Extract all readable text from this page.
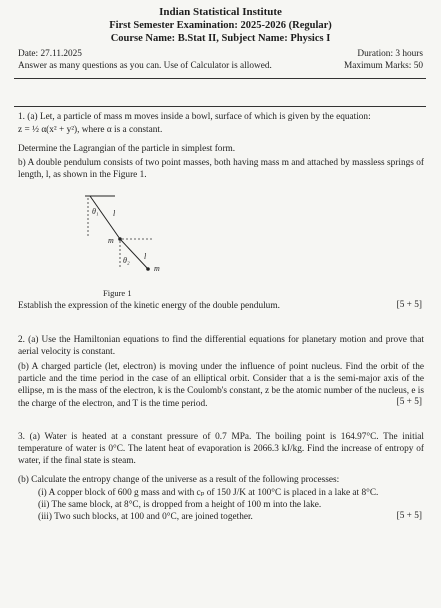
Indian Statistical Institute
First Semester Examination: 2025-2026 (Regular)
Course Name: B.Stat II, Subject Name: Physics I
Date: 27.11.2025	Duration: 3 hours
Answer as many questions as you can. Use of Calculator is allowed.	Maximum Marks: 50
1. (a) Let, a particle of mass m moves inside a bowl, surface of which is given by the equation:
z = ½ α(x² + y²), where α is a constant.
Determine the Lagrangian of the particle in simplest form.
b) A double pendulum consists of two point masses, both having mass m and attached by massless springs of length, l, as shown in the Figure 1.
θ₁ l
m
θ₂ l
m
Figure 1
Establish the expression of the kinetic energy of the double pendulum.	[5 + 5]
2. (a) Use the Hamiltonian equations to find the differential equations for planetary motion and prove that aerial velocity is constant.
(b) A charged particle (let, electron) is moving under the influence of point nucleus. Find the orbit of the particle and the time period in the case of an elliptical orbit. Consider that a is the semi-major axis of the ellipse, m is the mass of the electron, k is the Coulomb's constant, z be the atomic number of the nucleus, e is the charge of the electron, and T is the time period.	[5 + 5]
3. (a) Water is heated at a constant pressure of 0.7 MPa. The boiling point is 164.97°C. The initial temperature of water is 0°C. The latent heat of evaporation is 2066.3 kJ/kg. Find the increase of entropy of water, if the final state is steam.
(b) Calculate the entropy change of the universe as a result of the following processes:
(i) A copper block of 600 g mass and with cₚ of 150 J/K at 100°C is placed in a lake at 8°C.
(ii) The same block, at 8°C, is dropped from a height of 100 m into the lake.
(iii) Two such blocks, at 100 and 0°C, are joined together.	[5 + 5]
